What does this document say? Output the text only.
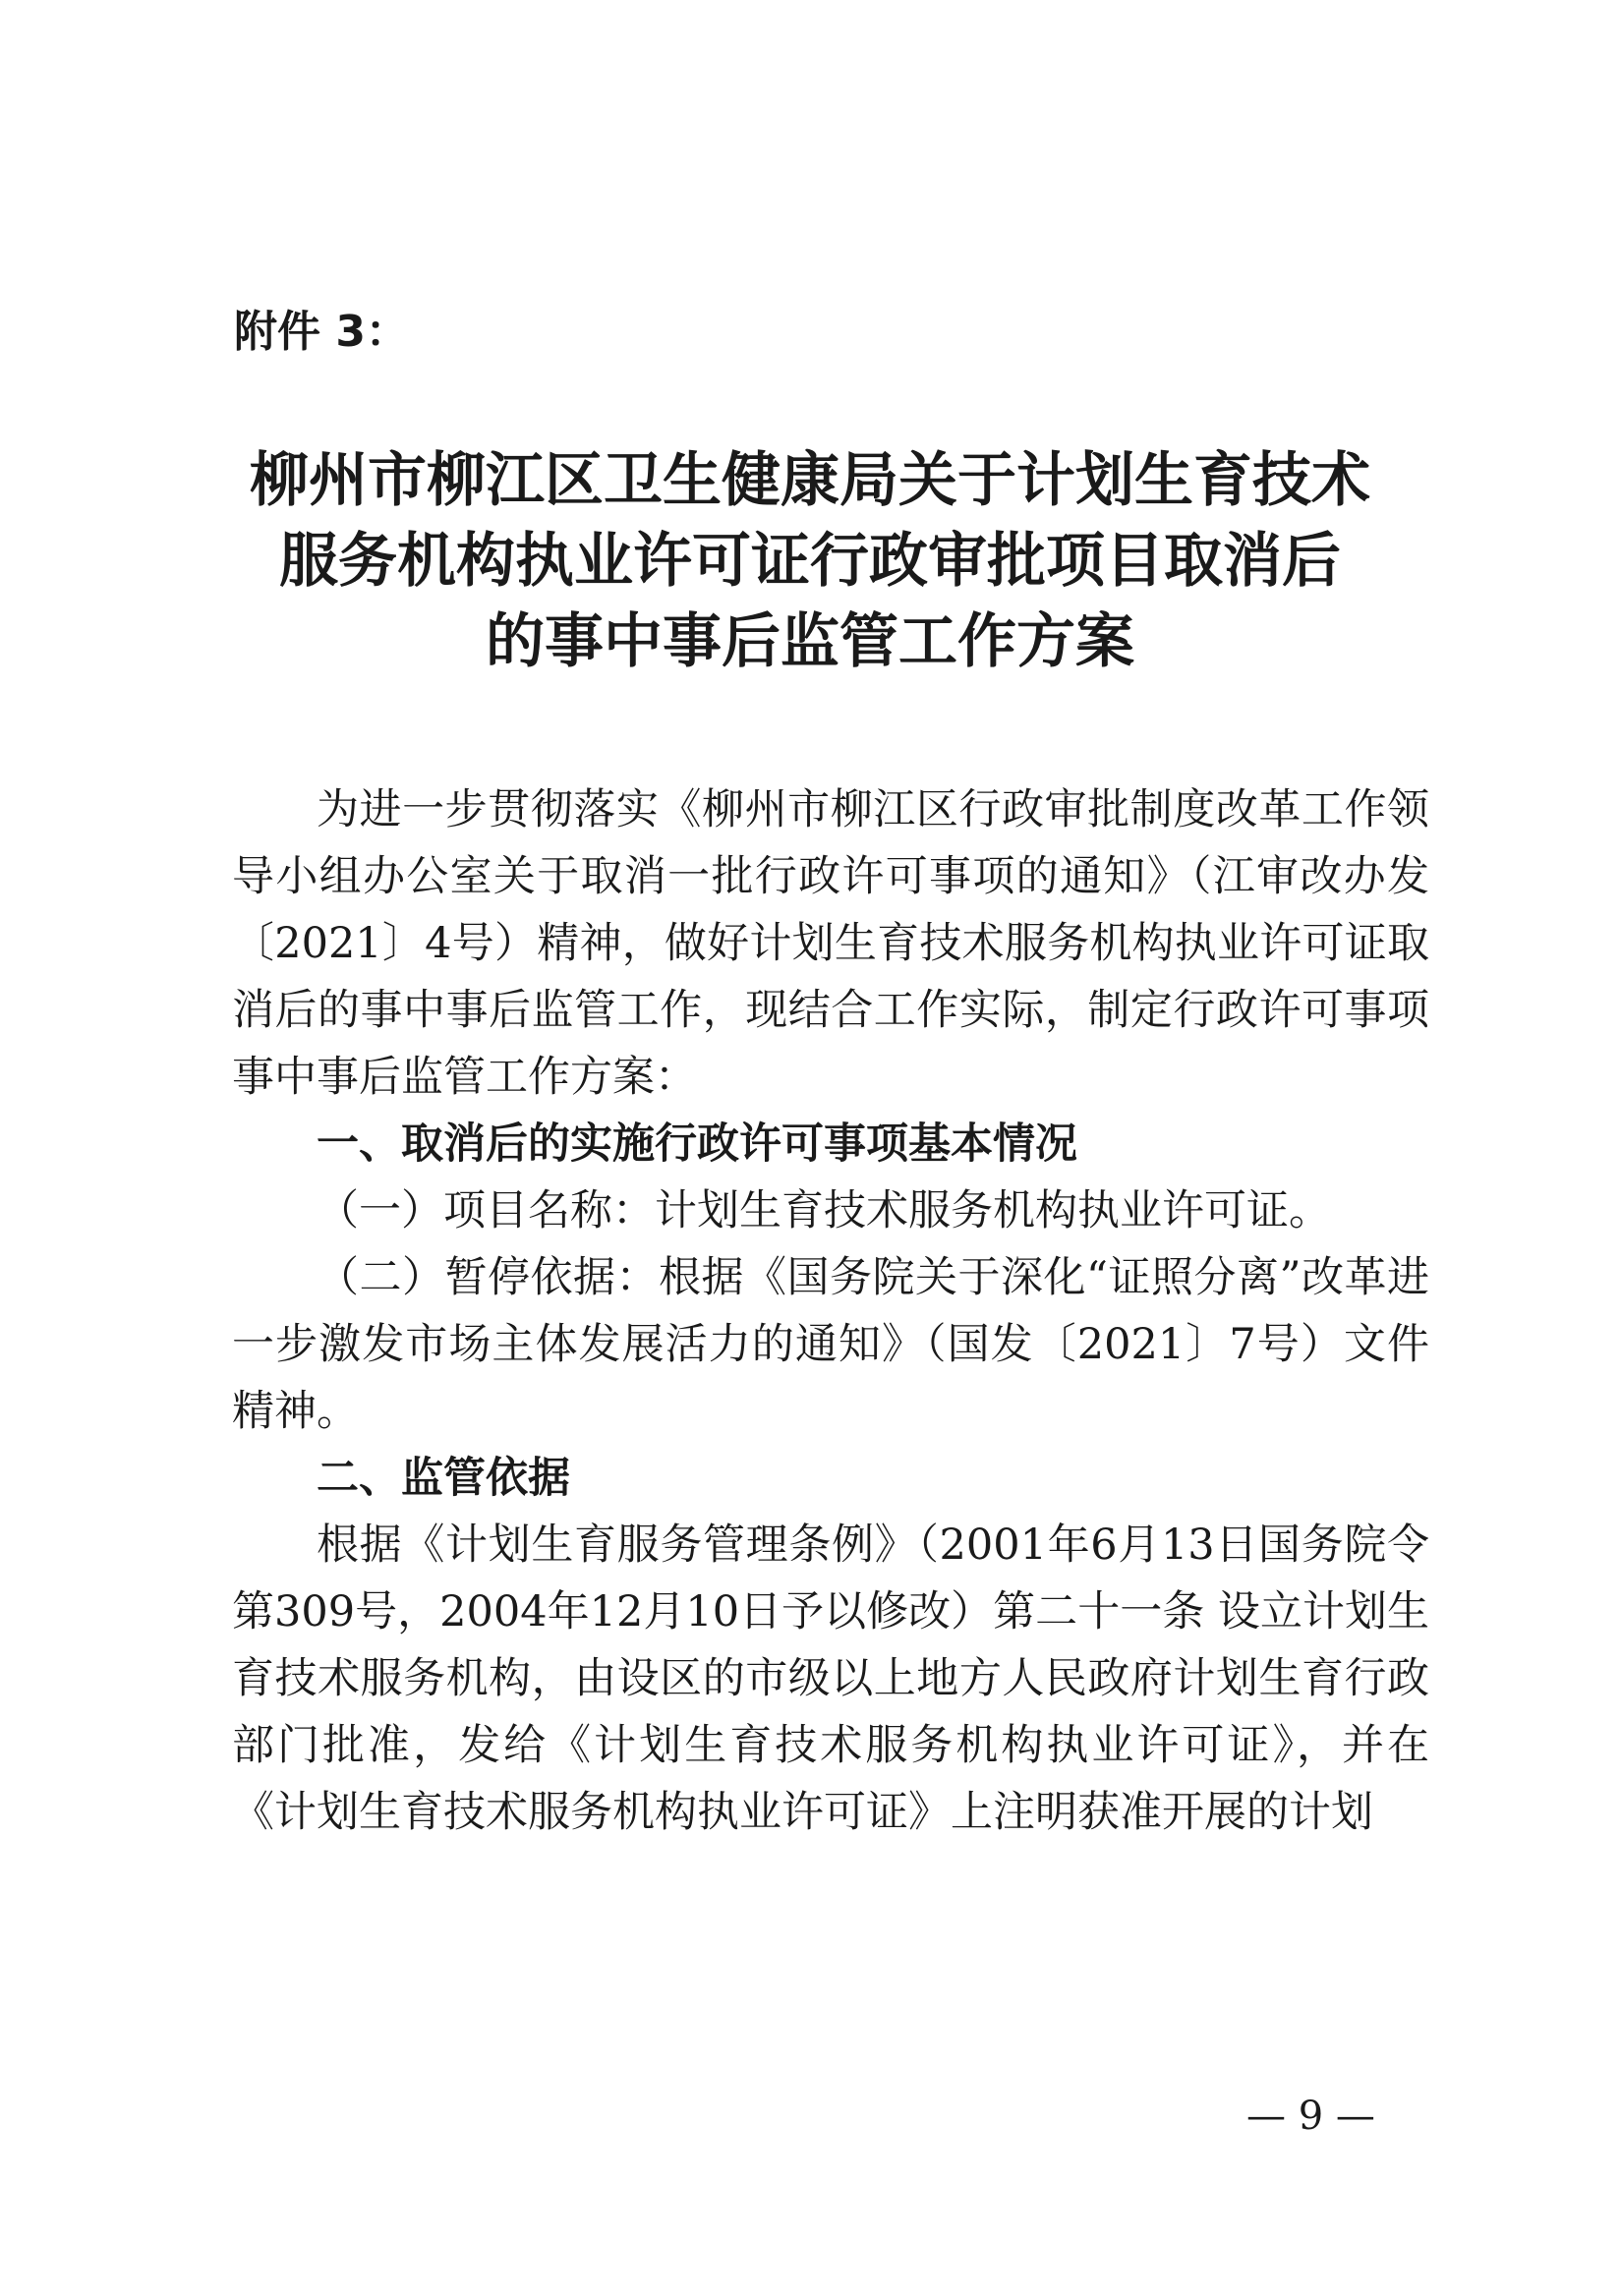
附件 3：
柳州市柳江区卫生健康局关于计划生育技术
服务机构执业许可证行政审批项目取消后
的事中事后监管工作方案

为进一步贯彻落实《柳州市柳江区行政审批制度改革工作领导小组办公室关于取消一批行政许可事项的通知》（江审改办发〔2021〕4号）精神，做好计划生育技术服务机构执业许可证取消后的事中事后监管工作，现结合工作实际，制定行政许可事项事中事后监管工作方案：

一、取消后的实施行政许可事项基本情况

（一）项目名称：计划生育技术服务机构执业许可证。

（二）暂停依据：根据《国务院关于深化“证照分离”改革进一步激发市场主体发展活力的通知》（国发〔2021〕7号）文件精神。

二、监管依据

根据《计划生育服务管理条例》（2001年6月13日国务院令第309号，2004年12月10日予以修改）第二十一条 设立计划生育技术服务机构，由设区的市级以上地方人民政府计划生育行政部门批准，发给《计划生育技术服务机构执业许可证》，并在《计划生育技术服务机构执业许可证》上注明获准开展的计划

— 9 —
